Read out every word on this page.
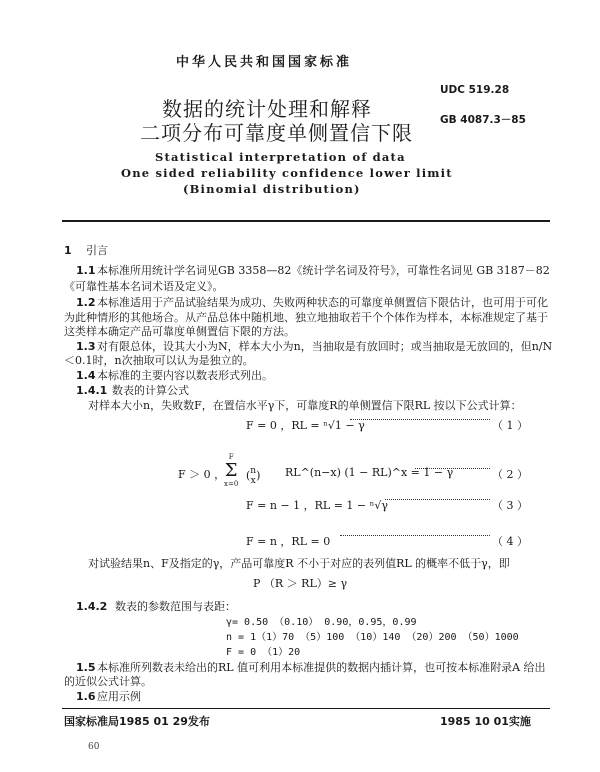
中华人民共和国国家标准
UDC 519.28
GB 4087.3－85
数据的统计处理和解释
二项分布可靠度单侧置信下限
Statistical interpretation of data
One sided reliability confidence lower limit
(Binomial distribution)
1 引言
1.1 本标准所用统计学名词见GB 3358—82《统计学名词及符号》，可靠性名词见 GB 3187－82
《可靠性基本名词术语及定义》。
1.2 本标准适用于产品试验结果为成功、失败两种状态的可靠度单侧置信下限估计，也可用于可化
为此种情形的其他场合。从产品总体中随机地、独立地抽取若干个个体作为样本，本标准规定了基于
这类样本确定产品可靠度单侧置信下限的方法。
1.3 对有限总体，设其大小为N，样本大小为n，当抽取是有放回时；或当抽取是无放回的，但n/N
＜0.1时，n次抽取可以认为是独立的。
1.4 本标准的主要内容以数表形式列出。
1.4.1 数表的计算公式
对样本大小n，失败数F，在置信水平γ下，可靠度R的单侧置信下限RL 按以下公式计算：
F = 0 ，RL = ⁿ√1 − γ	（ 1 ）
F ＞ 0 ，
F
Σ
x=0
(n
x) RL^(n−x) (1 − RL)^x = 1 − γ	（ 2 ）
F = n − 1 ，RL = 1 − ⁿ√γ	（ 3 ）
F = n ，RL = 0	（ 4 ）
对试验结果n、F及指定的γ，产品可靠度R 不小于对应的表列值RL 的概率不低于γ，即
P （R ＞ RL）≥ γ
1.4.2 数表的参数范围与表距：
γ= 0.50 （0.10） 0.90，0.95，0.99
n = 1（1）70 （5）100 （10）140 （20）200 （50）1000
F = 0 （1）20
1.5 本标准所列数表未给出的RL 值可利用本标准提供的数据内插计算，也可按本标准附录A 给出
的近似公式计算。
1.6 应用示例
国家标准局1985 01 29发布	1985 10 01实施
60
